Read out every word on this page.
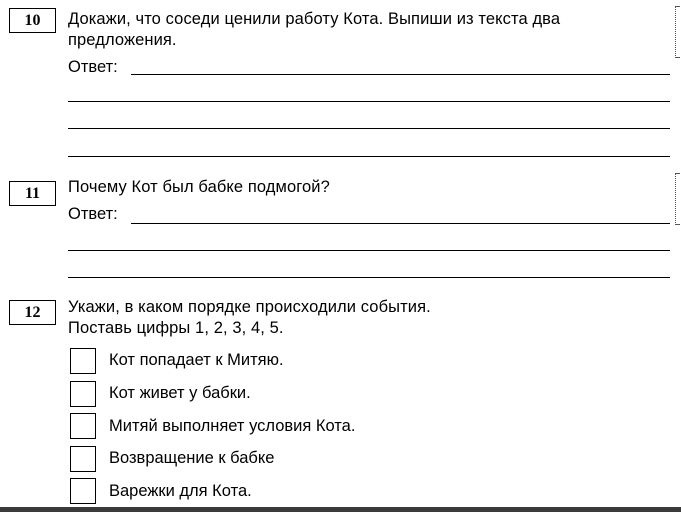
10 Докажи, что соседи ценили работу Кота. Выпиши из текста два
предложения.
Ответ:
11 Почему Кот был бабке подмогой?
Ответ:
12 Укажи, в каком порядке происходили события.
Поставь цифры 1, 2, 3, 4, 5.
Кот попадает к Митяю.
Кот живет у бабки.
Митяй выполняет условия Кота.
Возвращение к бабке
Варежки для Кота.
